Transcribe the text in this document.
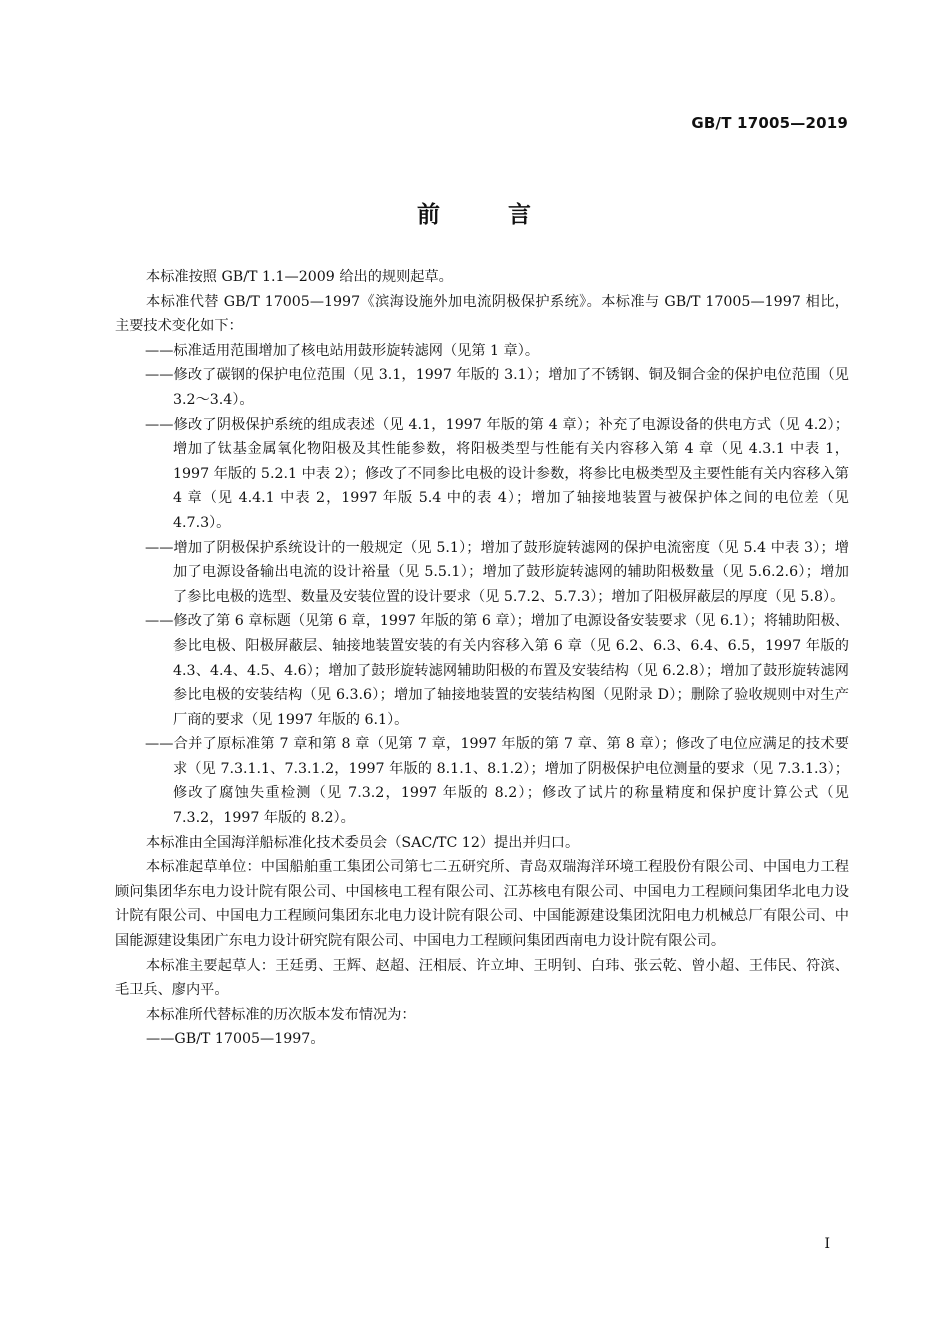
GB/T 17005—2019
前 言

本标准按照 GB/T 1.1—2009 给出的规则起草。

本标准代替 GB/T 17005—1997《滨海设施外加电流阴极保护系统》。本标准与 GB/T 17005—1997 相比，主要技术变化如下：

——标准适用范围增加了核电站用鼓形旋转滤网（见第 1 章）。

——修改了碳钢的保护电位范围（见 3.1，1997 年版的 3.1）；增加了不锈钢、铜及铜合金的保护电位范围（见 3.2～3.4）。

——修改了阴极保护系统的组成表述（见 4.1，1997 年版的第 4 章）；补充了电源设备的供电方式（见 4.2）；增加了钛基金属氧化物阳极及其性能参数，将阳极类型与性能有关内容移入第 4 章（见 4.3.1 中表 1，1997 年版的 5.2.1 中表 2）；修改了不同参比电极的设计参数，将参比电极类型及主要性能有关内容移入第 4 章（见 4.4.1 中表 2，1997 年版 5.4 中的表 4）；增加了轴接地装置与被保护体之间的电位差（见 4.7.3）。

——增加了阴极保护系统设计的一般规定（见 5.1）；增加了鼓形旋转滤网的保护电流密度（见 5.4 中表 3）；增加了电源设备输出电流的设计裕量（见 5.5.1）；增加了鼓形旋转滤网的辅助阳极数量（见 5.6.2.6）；增加了参比电极的选型、数量及安装位置的设计要求（见 5.7.2、5.7.3）；增加了阳极屏蔽层的厚度（见 5.8）。

——修改了第 6 章标题（见第 6 章，1997 年版的第 6 章）；增加了电源设备安装要求（见 6.1）；将辅助阳极、参比电极、阳极屏蔽层、轴接地装置安装的有关内容移入第 6 章（见 6.2、6.3、6.4、6.5，1997 年版的 4.3、4.4、4.5、4.6）；增加了鼓形旋转滤网辅助阳极的布置及安装结构（见 6.2.8）；增加了鼓形旋转滤网参比电极的安装结构（见 6.3.6）；增加了轴接地装置的安装结构图（见附录 D）；删除了验收规则中对生产厂商的要求（见 1997 年版的 6.1）。

——合并了原标准第 7 章和第 8 章（见第 7 章，1997 年版的第 7 章、第 8 章）；修改了电位应满足的技术要求（见 7.3.1.1、7.3.1.2，1997 年版的 8.1.1、8.1.2）；增加了阴极保护电位测量的要求（见 7.3.1.3）；修改了腐蚀失重检测（见 7.3.2，1997 年版的 8.2）；修改了试片的称量精度和保护度计算公式（见 7.3.2，1997 年版的 8.2）。

本标准由全国海洋船标准化技术委员会（SAC/TC 12）提出并归口。

本标准起草单位：中国船舶重工集团公司第七二五研究所、青岛双瑞海洋环境工程股份有限公司、中国电力工程顾问集团华东电力设计院有限公司、中国核电工程有限公司、江苏核电有限公司、中国电力工程顾问集团华北电力设计院有限公司、中国电力工程顾问集团东北电力设计院有限公司、中国能源建设集团沈阳电力机械总厂有限公司、中国能源建设集团广东电力设计研究院有限公司、中国电力工程顾问集团西南电力设计院有限公司。

本标准主要起草人：王廷勇、王辉、赵超、汪相辰、许立坤、王明钊、白玮、张云乾、曾小超、王伟民、符滨、毛卫兵、廖内平。

本标准所代替标准的历次版本发布情况为：

——GB/T 17005—1997。

I
